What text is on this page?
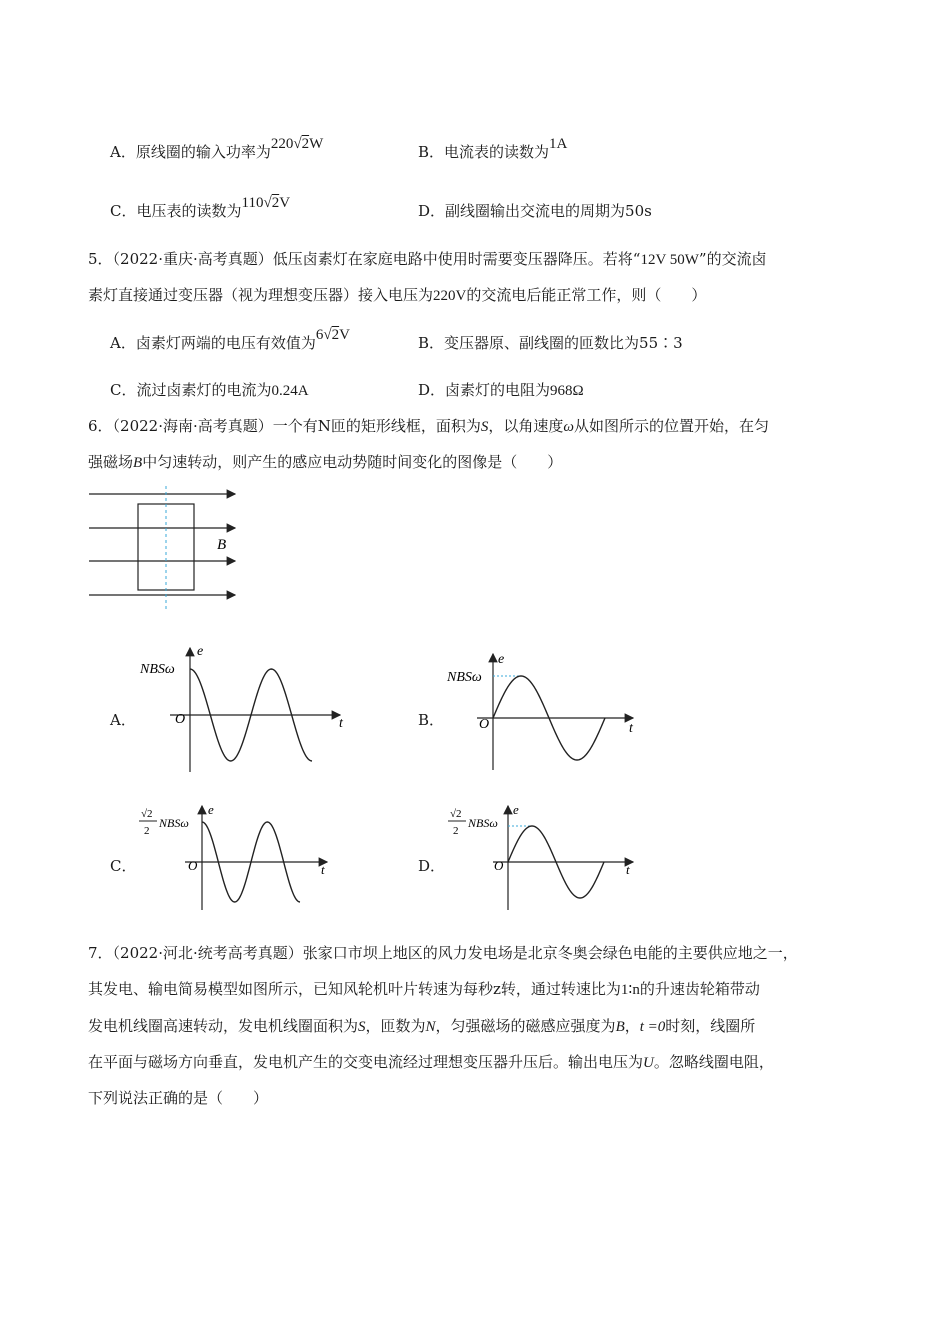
A．原线圈的输入功率为220√2W	B．电流表的读数为1A
C．电压表的读数为110√2V	D．副线圈输出交流电的周期为50s
5．（2022·重庆·高考真题）低压卤素灯在家庭电路中使用时需要变压器降压。若将“12V 50W”的交流卤
素灯直接通过变压器（视为理想变压器）接入电压为220V的交流电后能正常工作，则（　　）
A．卤素灯两端的电压有效值为6√2V	B．变压器原、副线圈的匝数比为55∶3
C．流过卤素灯的电流为0.24A	D．卤素灯的电阻为968Ω
6．（2022·海南·高考真题）一个有N匝的矩形线框，面积为S，以角速度ω从如图所示的位置开始，在匀
强磁场B中匀速转动，则产生的感应电动势随时间变化的图像是（　　）
B
A．
e
t
O
NBSω
B．
e
t
O
NBSω
C．
e
t
O
√2
2
NBSω
D．
e
t
O
√2
2
NBSω
7．（2022·河北·统考高考真题）张家口市坝上地区的风力发电场是北京冬奥会绿色电能的主要供应地之一，
其发电、输电简易模型如图所示，已知风轮机叶片转速为每秒z转，通过转速比为1∶n的升速齿轮箱带动
发电机线圈高速转动，发电机线圈面积为S，匝数为N，匀强磁场的磁感应强度为B，t =0时刻，线圈所
在平面与磁场方向垂直，发电机产生的交变电流经过理想变压器升压后。输出电压为U。忽略线圈电阻，
下列说法正确的是（　　）
